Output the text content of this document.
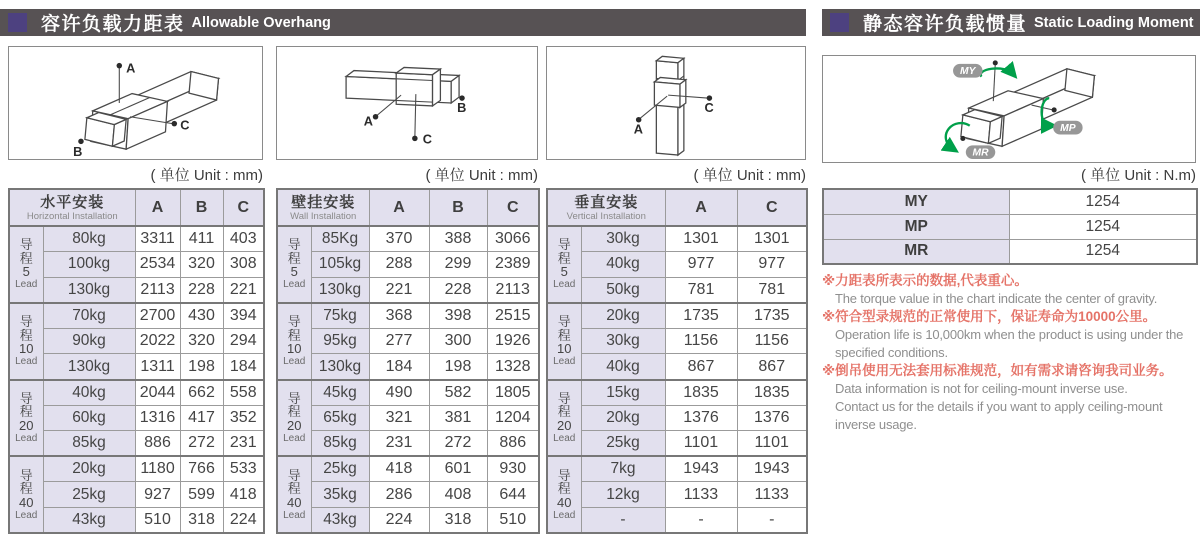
容许负载力距表 Allowable Overhang	静态容许负载惯量 Static Loading Moment
A
B
C	A
B
C
A
C
MY
MP
MR
( 单位 Unit : mm)	( 单位 Unit : mm)	( 单位 Unit : mm)	( 单位 Unit : N.m)
水平安装
Horizontal Installation		A	B	C

导程
5
Lead	80kg	3311	411	403
	100kg	2534	320	308
	130kg	2113	228	221

导程
10
Lead	70kg	2700	430	394
	90kg	2022	320	294
	130kg	1311	198	184

导程
20
Lead	40kg	2044	662	558
	60kg	1316	417	352
	85kg	886	272	231

导程
40
Lead	20kg	1180	766	533
	25kg	927	599	418
	43kg	510	318	224
壁挂安装
Wall Installation		A	B	C

导程
5
Lead	85Kg	370	388	3066
	105kg	288	299	2389
	130kg	221	228	2113

导程
10
Lead	75kg	368	398	2515
	95kg	277	300	1926
	130kg	184	198	1328

导程
20
Lead	45kg	490	582	1805
	65kg	321	381	1204
	85kg	231	272	886

导程
40
Lead	25kg	418	601	930
	35kg	286	408	644
	43kg	224	318	510
垂直安装
Vertical Installation		A	C

导程
5
Lead	30kg	1301	1301
	40kg	977	977
	50kg	781	781

导程
10
Lead	20kg	1735	1735
	30kg	1156	1156
	40kg	867	867

导程
20
Lead	15kg	1835	1835
	20kg	1376	1376
	25kg	1101	1101

导程
40
Lead	7kg	1943	1943
	12kg	1133	1133
	-	-	-
MY	1254
MP	1254
MR	1254
※力距表所表示的数据,代表重心。
The torque value in the chart indicate the center of gravity.
※符合型录规范的正常使用下，保证寿命为10000公里。
Operation life is 10,000km when the product is using under the
specified conditions.
※倒吊使用无法套用标准规范，如有需求请咨询我司业务。
Data information is not for ceiling-mount inverse use.
Contact us for the details if you want to apply ceiling-mount
inverse usage.
